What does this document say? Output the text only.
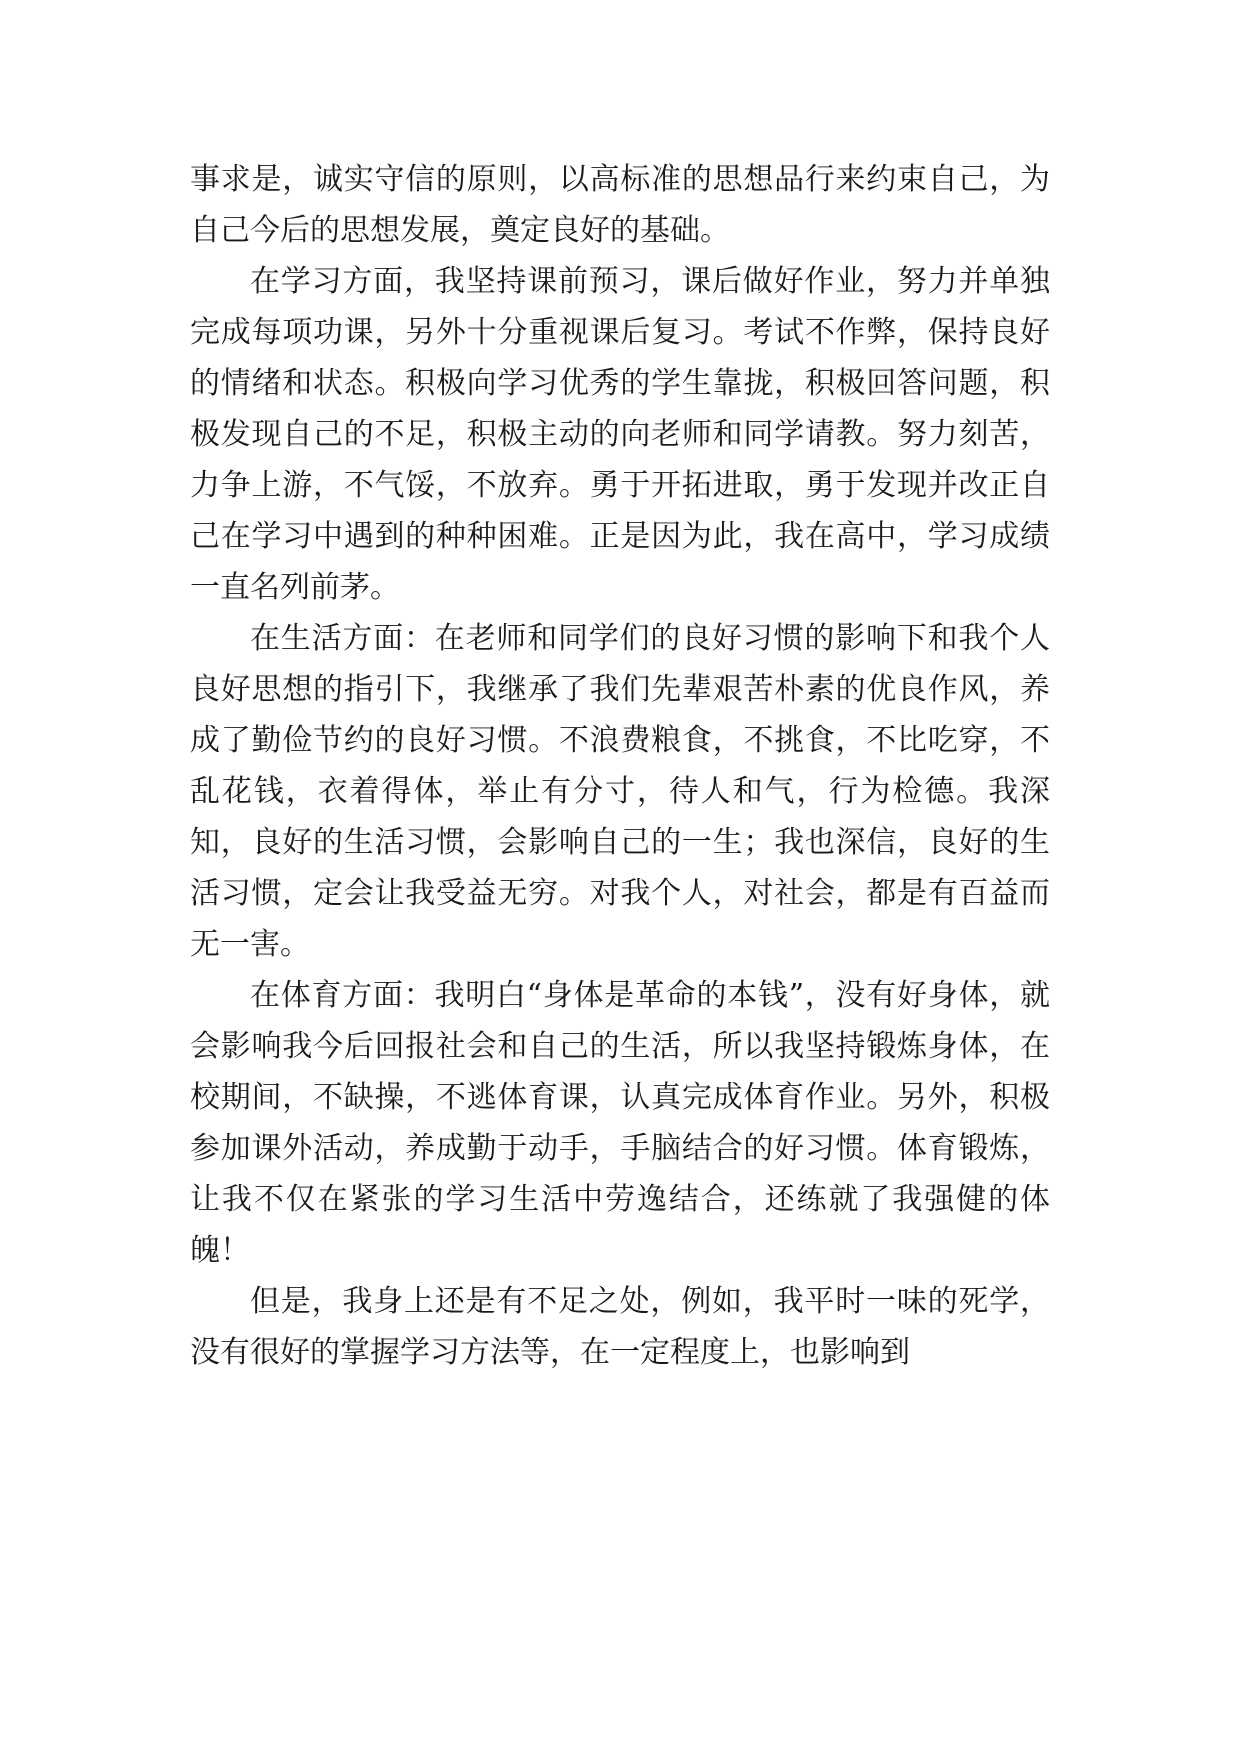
事求是，诚实守信的原则，以高标准的思想品行来约束自己，为自己今后的思想发展，奠定良好的基础。

在学习方面，我坚持课前预习，课后做好作业，努力并单独完成每项功课，另外十分重视课后复习。考试不作弊，保持良好的情绪和状态。积极向学习优秀的学生靠拢，积极回答问题，积极发现自己的不足，积极主动的向老师和同学请教。努力刻苦，力争上游，不气馁，不放弃。勇于开拓进取，勇于发现并改正自己在学习中遇到的种种困难。正是因为此，我在高中，学习成绩一直名列前茅。

在生活方面：在老师和同学们的良好习惯的影响下和我个人良好思想的指引下，我继承了我们先辈艰苦朴素的优良作风，养成了勤俭节约的良好习惯。不浪费粮食，不挑食，不比吃穿，不乱花钱，衣着得体，举止有分寸，待人和气，行为检德。我深知，良好的生活习惯，会影响自己的一生；我也深信，良好的生活习惯，定会让我受益无穷。对我个人，对社会，都是有百益而无一害。

在体育方面：我明白“身体是革命的本钱”，没有好身体，就会影响我今后回报社会和自己的生活，所以我坚持锻炼身体，在校期间，不缺操，不逃体育课，认真完成体育作业。另外，积极参加课外活动，养成勤于动手，手脑结合的好习惯。体育锻炼，让我不仅在紧张的学习生活中劳逸结合，还练就了我强健的体魄！

但是，我身上还是有不足之处，例如，我平时一味的死学，没有很好的掌握学习方法等，在一定程度上，也影响到
